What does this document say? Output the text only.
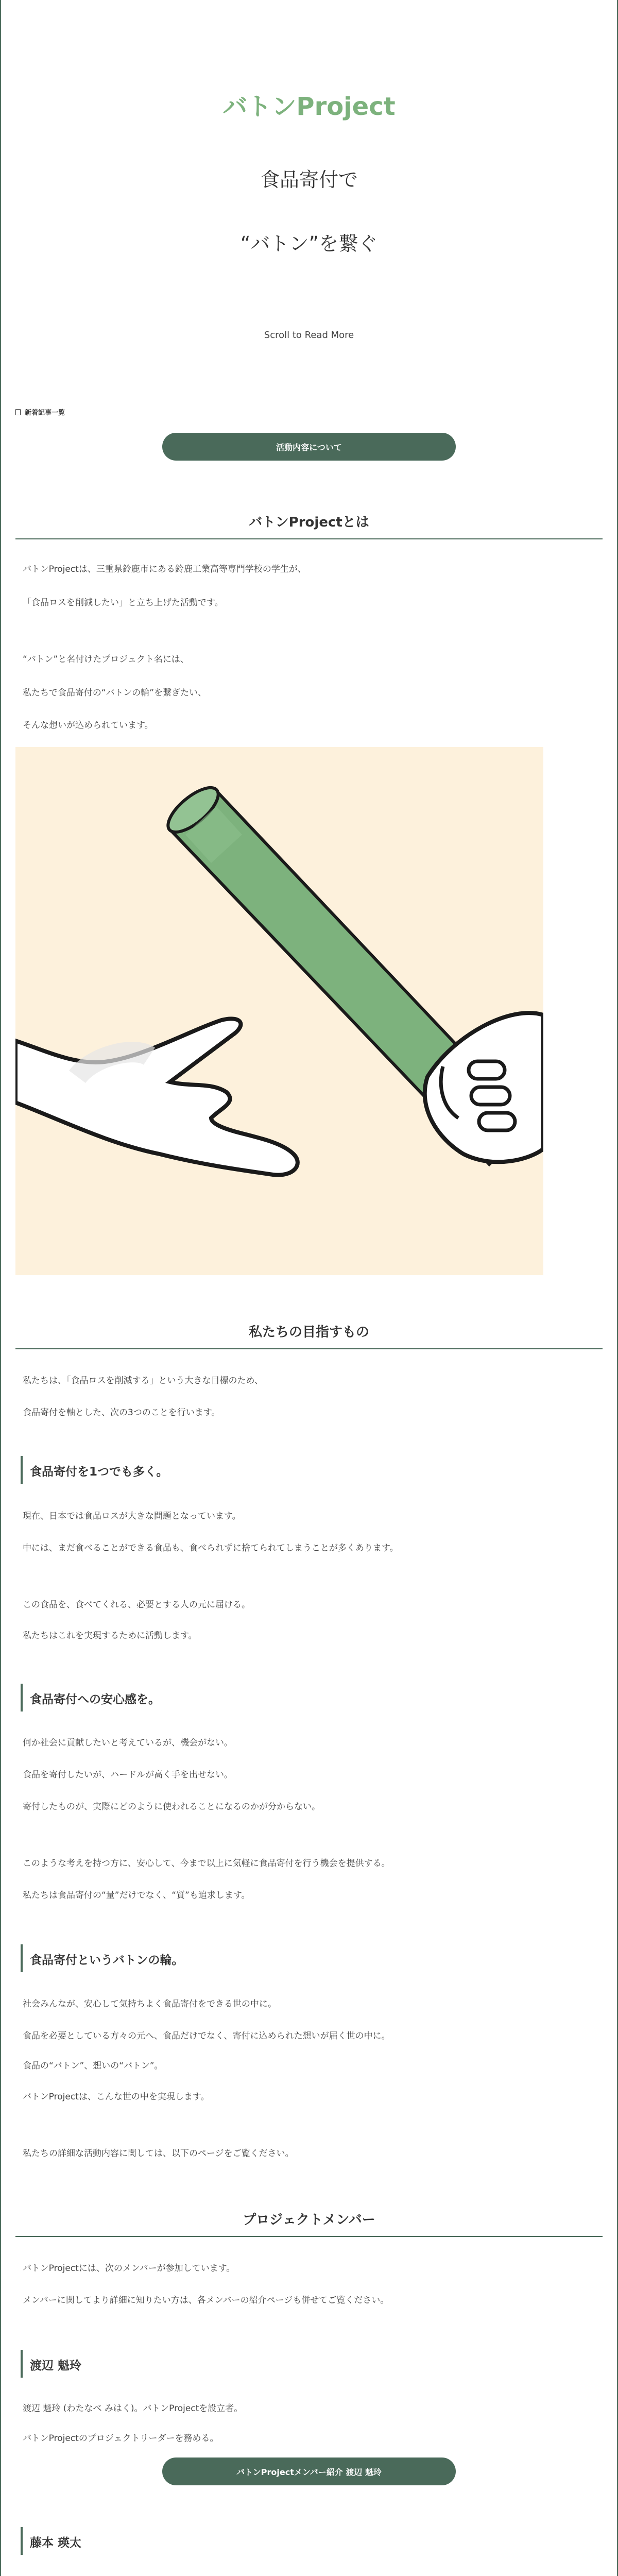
バトンProject
食品寄付で
“バトン”を繋ぐ
Scroll to Read More
新着記事一覧
活動内容について
バトンProjectとは
バトンProjectは、三重県鈴鹿市にある鈴鹿工業高等専門学校の学生が、
「食品ロスを削減したい」と立ち上げた活動です。
“バトン”と名付けたプロジェクト名には、
私たちで食品寄付の“バトンの輪”を繋ぎたい、
そんな想いが込められています。
私たちの目指すもの
私たちは、「食品ロスを削減する」という大きな目標のため、
食品寄付を軸とした、次の3つのことを行います。
食品寄付を1つでも多く。
現在、日本では食品ロスが大きな問題となっています。
中には、まだ食べることができる食品も、食べられずに捨てられてしまうことが多くあります。
この食品を、食べてくれる、必要とする人の元に届ける。
私たちはこれを実現するために活動します。
食品寄付への安心感を。
何か社会に貢献したいと考えているが、機会がない。
食品を寄付したいが、ハードルが高く手を出せない。
寄付したものが、実際にどのように使われることになるのかが分からない。
このような考えを持つ方に、安心して、今まで以上に気軽に食品寄付を行う機会を提供する。
私たちは食品寄付の“量”だけでなく、“質”も追求します。
食品寄付というバトンの輪。
社会みんなが、安心して気持ちよく食品寄付をできる世の中に。
食品を必要としている方々の元へ、食品だけでなく、寄付に込められた想いが届く世の中に。
食品の“バトン”、想いの“バトン”。
バトンProjectは、こんな世の中を実現します。
私たちの詳細な活動内容に関しては、以下のページをご覧ください。
プロジェクトメンバー
バトンProjectには、次のメンバーが参加しています。
メンバーに関してより詳細に知りたい方は、各メンバーの紹介ページも併せてご覧ください。
渡辺 魁玲
渡辺 魁玲 (わたなべ みはく)。バトンProjectを設立者。
バトンProjectのプロジェクトリーダーを務める。
バトンProjectメンバー紹介 渡辺 魁玲
藤本 瑛太
